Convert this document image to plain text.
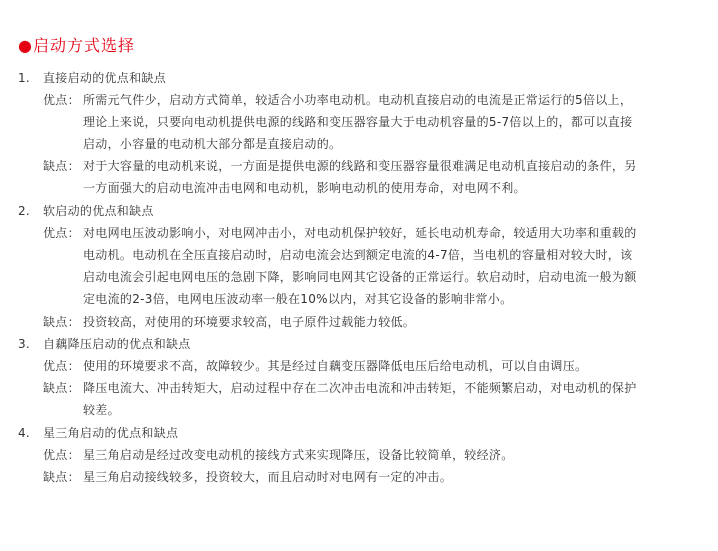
●启动方式选择
1. 直接启动的优点和缺点
优点： 所需元气件少，启动方式简单，较适合小功率电动机。电动机直接启动的电流是正常运行的5倍以上，
理论上来说，只要向电动机提供电源的线路和变压器容量大于电动机容量的5-7倍以上的，都可以直接
启动，小容量的电动机大部分都是直接启动的。
缺点： 对于大容量的电动机来说，一方面是提供电源的线路和变压器容量很难满足电动机直接启动的条件，另
一方面强大的启动电流冲击电网和电动机，影响电动机的使用寿命，对电网不利。
2. 软启动的优点和缺点
优点： 对电网电压波动影响小，对电网冲击小，对电动机保护较好，延长电动机寿命，较适用大功率和重载的
电动机。电动机在全压直接启动时，启动电流会达到额定电流的4-7倍，当电机的容量相对较大时，该
启动电流会引起电网电压的急剧下降，影响同电网其它设备的正常运行。软启动时，启动电流一般为额
定电流的2-3倍，电网电压波动率一般在10%以内，对其它设备的影响非常小。
缺点： 投资较高，对使用的环境要求较高，电子原件过载能力较低。
3. 自藕降压启动的优点和缺点
优点： 使用的环境要求不高，故障较少。其是经过自藕变压器降低电压后给电动机，可以自由调压。
缺点： 降压电流大、冲击转矩大，启动过程中存在二次冲击电流和冲击转矩，不能频繁启动，对电动机的保护
较差。
4. 星三角启动的优点和缺点
优点： 星三角启动是经过改变电动机的接线方式来实现降压，设备比较简单，较经济。
缺点： 星三角启动接线较多，投资较大，而且启动时对电网有一定的冲击。
